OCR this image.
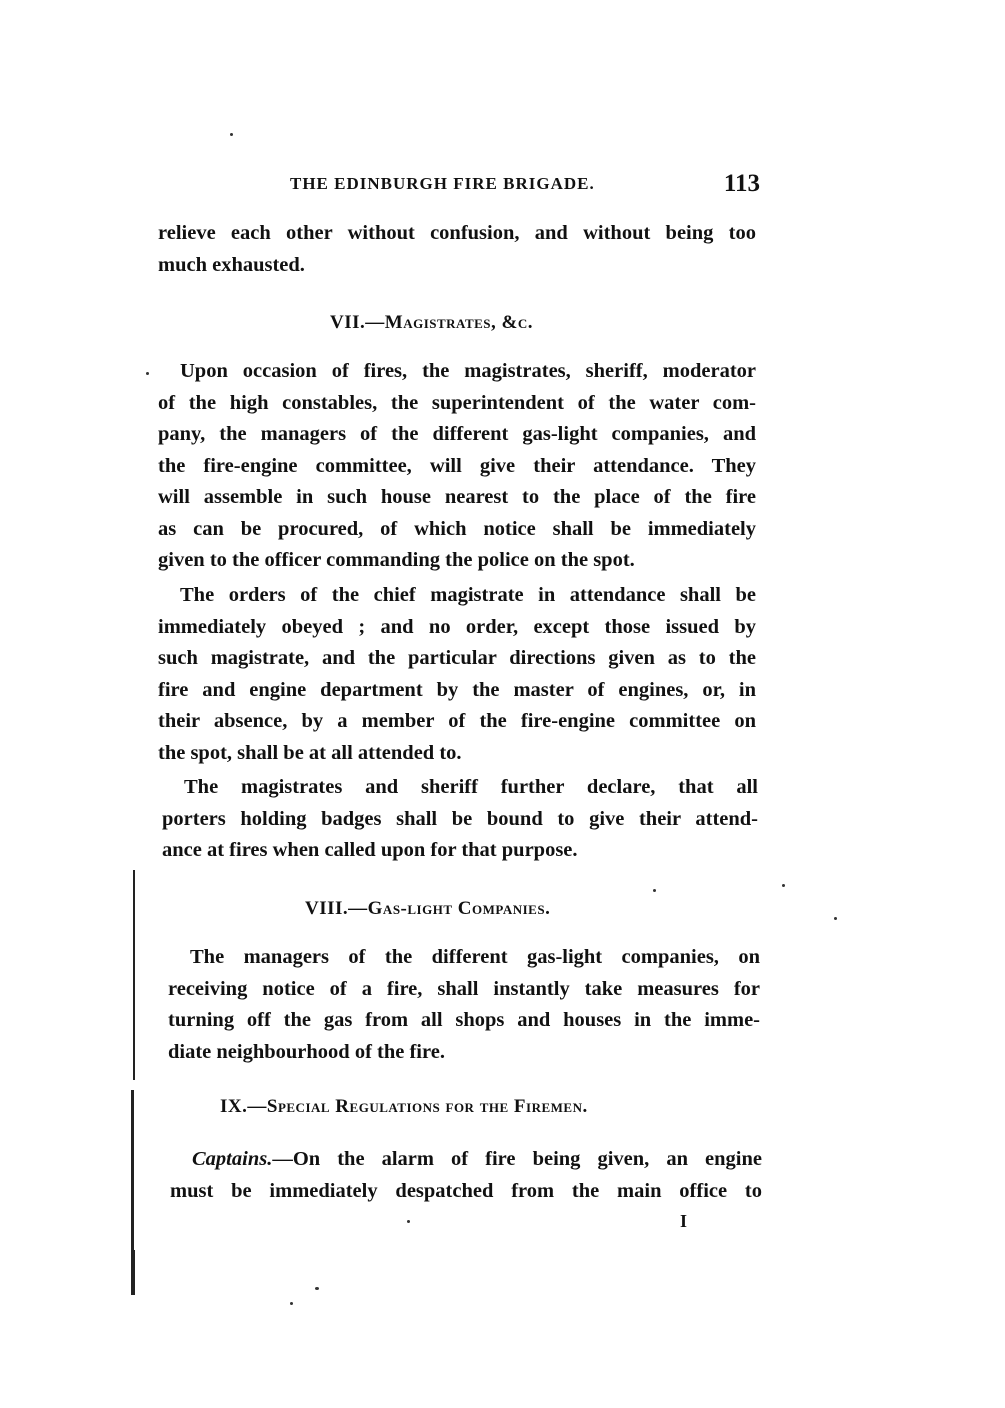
THE EDINBURGH FIRE BRIGADE.	113
relieve each other without confusion, and without being too
much exhausted.
VII.—Magistrates, &c.
Upon occasion of fires, the magistrates, sheriff, moderator
of the high constables, the superintendent of the water com-
pany, the managers of the different gas-light companies, and
the fire-engine committee, will give their attendance. They
will assemble in such house nearest to the place of the fire
as can be procured, of which notice shall be immediately
given to the officer commanding the police on the spot.
The orders of the chief magistrate in attendance shall be
immediately obeyed ; and no order, except those issued by
such magistrate, and the particular directions given as to the
fire and engine department by the master of engines, or, in
their absence, by a member of the fire-engine committee on
the spot, shall be at all attended to.
The magistrates and sheriff further declare, that all
porters holding badges shall be bound to give their attend-
ance at fires when called upon for that purpose.
VIII.—Gas-light Companies.
The managers of the different gas-light companies, on
receiving notice of a fire, shall instantly take measures for
turning off the gas from all shops and houses in the imme-
diate neighbourhood of the fire.
IX.—Special Regulations for the Firemen.
Captains.—On the alarm of fire being given, an engine
must be immediately despatched from the main office to
I
